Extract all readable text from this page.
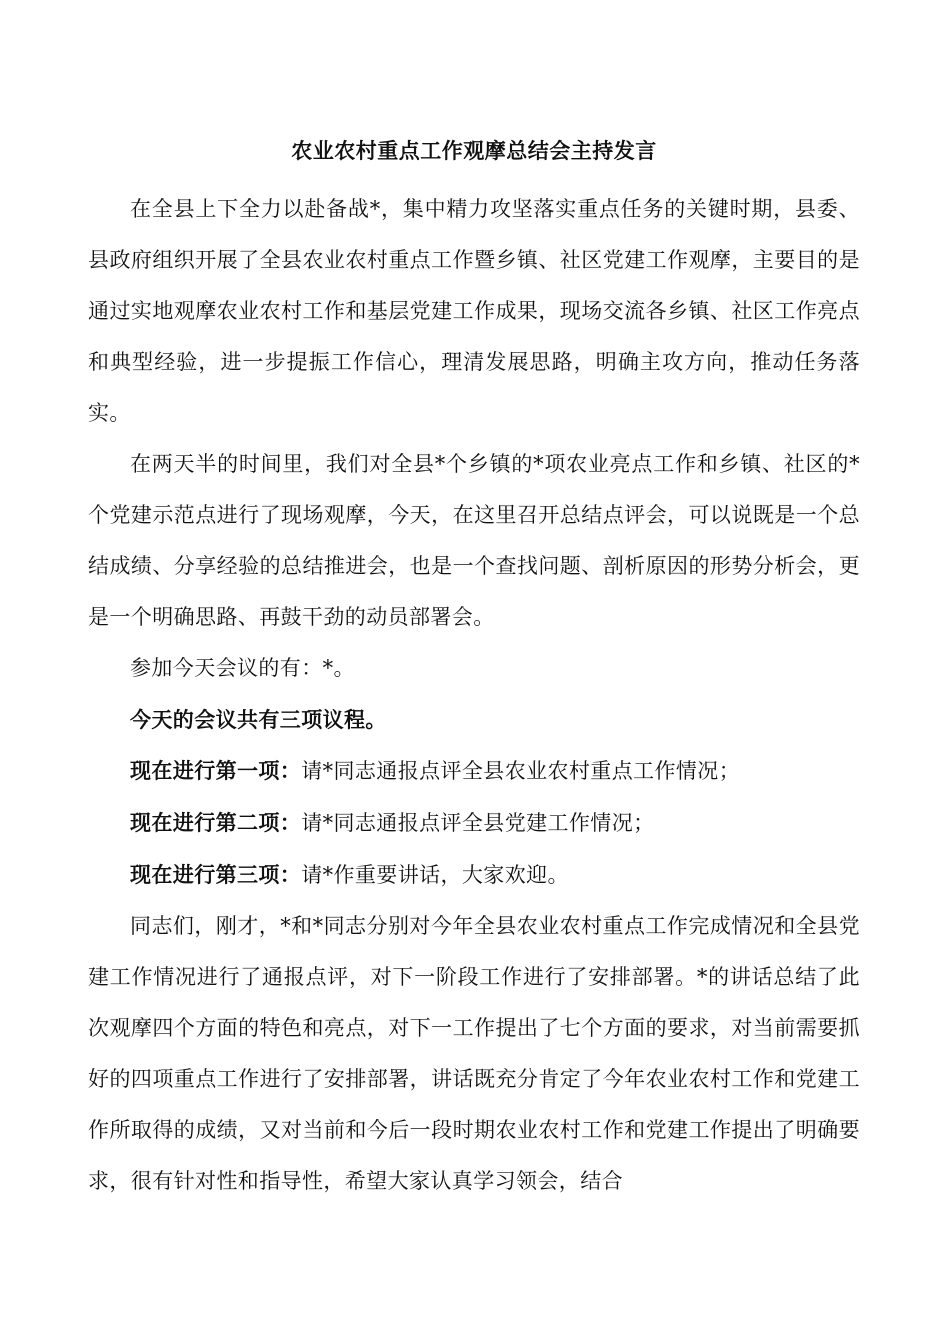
农业农村重点工作观摩总结会主持发言

在全县上下全力以赴备战*，集中精力攻坚落实重点任务的关键时期，县委、县政府组织开展了全县农业农村重点工作暨乡镇、社区党建工作观摩，主要目的是通过实地观摩农业农村工作和基层党建工作成果，现场交流各乡镇、社区工作亮点和典型经验，进一步提振工作信心，理清发展思路，明确主攻方向，推动任务落实。

在两天半的时间里，我们对全县*个乡镇的*项农业亮点工作和乡镇、社区的*个党建示范点进行了现场观摩，今天，在这里召开总结点评会，可以说既是一个总结成绩、分享经验的总结推进会，也是一个查找问题、剖析原因的形势分析会，更是一个明确思路、再鼓干劲的动员部署会。

参加今天会议的有：*。

今天的会议共有三项议程。

现在进行第一项：请*同志通报点评全县农业农村重点工作情况；

现在进行第二项：请*同志通报点评全县党建工作情况；

现在进行第三项：请*作重要讲话，大家欢迎。

同志们，刚才，*和*同志分别对今年全县农业农村重点工作完成情况和全县党建工作情况进行了通报点评，对下一阶段工作进行了安排部署。*的讲话总结了此次观摩四个方面的特色和亮点，对下一工作提出了七个方面的要求，对当前需要抓好的四项重点工作进行了安排部署，讲话既充分肯定了今年农业农村工作和党建工作所取得的成绩，又对当前和今后一段时期农业农村工作和党建工作提出了明确要求，很有针对性和指导性，希望大家认真学习领会，结合
